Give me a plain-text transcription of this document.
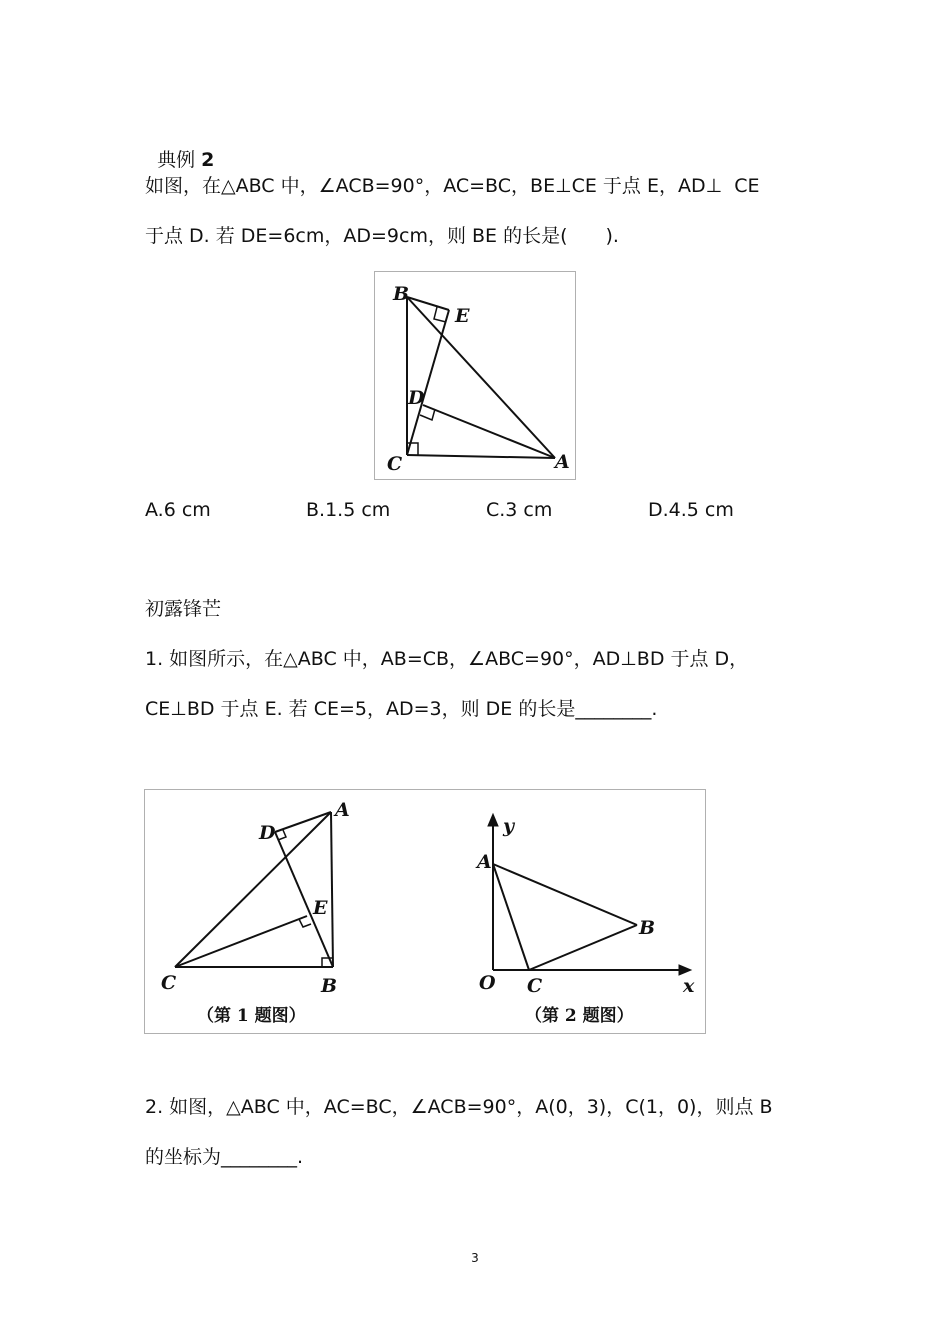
典例 2

如图，在△ABC 中，∠ACB=90°，AC=BC，BE⊥CE 于点 E，AD⊥  CE
于点 D. 若 DE=6cm，AD=9cm，则 BE 的长是(　　).
B
E
D
C	A
A.6 cm	B.1.5 cm	C.3 cm	D.4.5 cm
初露锋芒
1. 如图所示，在△ABC 中，AB=CB，∠ABC=90°，AD⊥BD 于点 D，
CE⊥BD 于点 E. 若 CE=5，AD=3，则 DE 的长是________.
A
D
E
C	B
（第 1 题图）
y
A
B
O C	x
（第 2 题图）
2. 如图，△ABC 中，AC=BC，∠ACB=90°，A(0，3)，C(1，0)，则点 B
的坐标为________.
3
